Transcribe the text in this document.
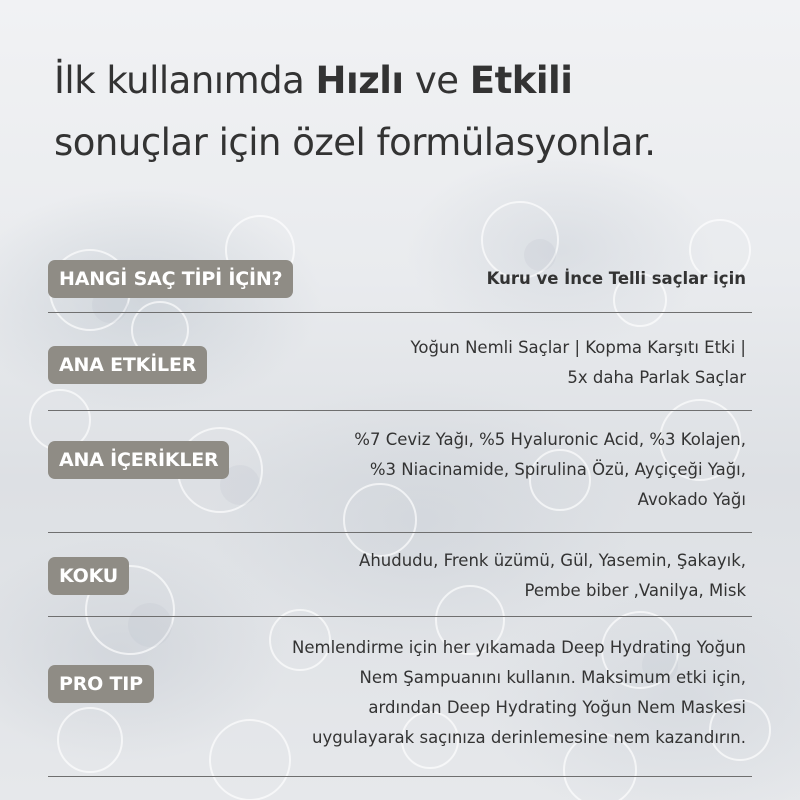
İlk kullanımda Hızlı ve Etkili
sonuçlar için özel formülasyonlar.
HANGİ SAÇ TİPİ İÇİN?	Kuru ve İnce Telli saçlar için
ANA ETKİLER
Yoğun Nemli Saçlar | Kopma Karşıtı Etki |
5x daha Parlak Saçlar
ANA İÇERİKLER
%7 Ceviz Yağı, %5 Hyaluronic Acid, %3 Kolajen,
%3 Niacinamide, Spirulina Özü, Ayçiçeği Yağı,
Avokado Yağı
KOKU
Ahududu, Frenk üzümü, Gül, Yasemin, Şakayık,
Pembe biber ,Vanilya, Misk
PRO TIP
Nemlendirme için her yıkamada Deep Hydrating Yoğun
Nem Şampuanını kullanın. Maksimum etki için,
ardından Deep Hydrating Yoğun Nem Maskesi
uygulayarak saçınıza derinlemesine nem kazandırın.
